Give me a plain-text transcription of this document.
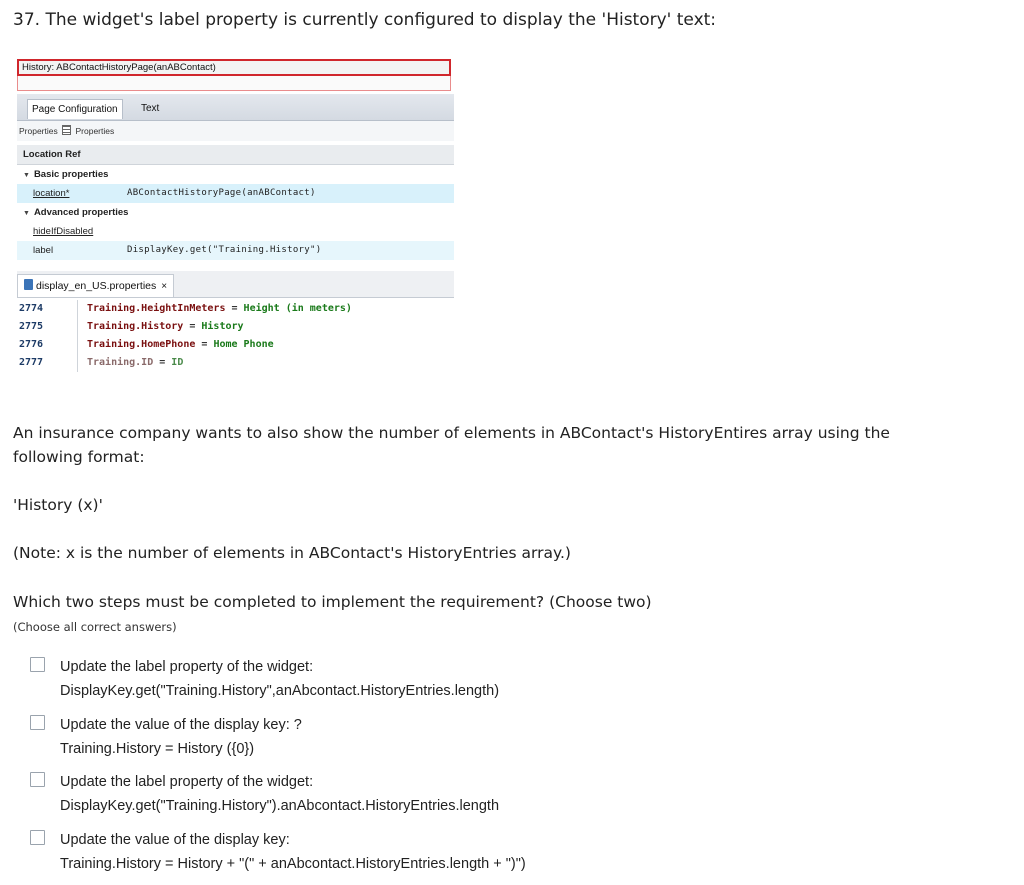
37. The widget's label property is currently configured to display the 'History' text:
History: ABContactHistoryPage(anABContact)
Page Configuration	Text
Properties Properties
Location Ref
▼ Basic properties
location*	ABContactHistoryPage(anABContact)
▼ Advanced properties
hideIfDisabled
label	DisplayKey.get("Training.History")
display_en_US.properties ×
2774	Training.HeightInMeters = Height (in meters)
2775	Training.History = History
2776	Training.HomePhone = Home Phone
2777	Training.ID = ID
An insurance company wants to also show the number of elements in ABContact's HistoryEntires array using the
following format:
'History (x)'
(Note: x is the number of elements in ABContact's HistoryEntries array.)
Which two steps must be completed to implement the requirement? (Choose two)
(Choose all correct answers)
Update the label property of the widget:
DisplayKey.get("Training.History",anAbcontact.HistoryEntries.length)
Update the value of the display key: ?
Training.History = History ({0})
Update the label property of the widget:
DisplayKey.get("Training.History").anAbcontact.HistoryEntries.length
Update the value of the display key:
Training.History = History + "(" + anAbcontact.HistoryEntries.length + ")")
